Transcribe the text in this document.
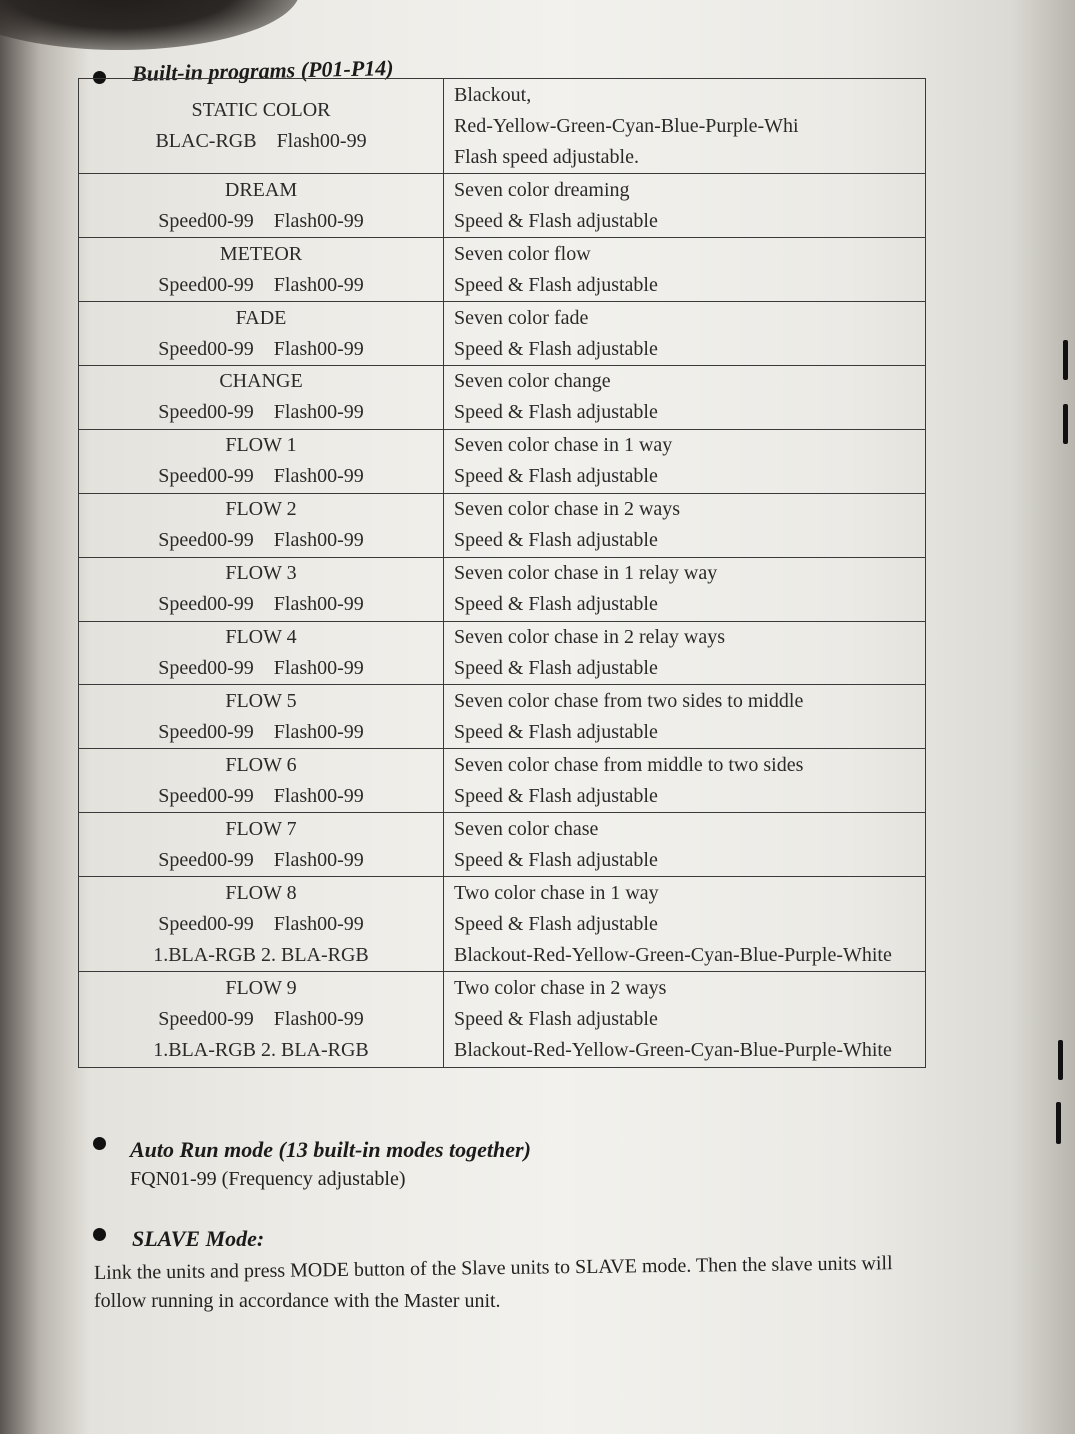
Built-in programs (P01-P14)
STATIC COLOR
BLAC-RGB Flash00-99	Blackout,
Red-Yellow-Green-Cyan-Blue-Purple-Whi
Flash speed adjustable.

DREAM
Speed00-99 Flash00-99	Seven color dreaming
Speed & Flash adjustable

METEOR
Speed00-99 Flash00-99	Seven color flow
Speed & Flash adjustable

FADE
Speed00-99 Flash00-99	Seven color fade
Speed & Flash adjustable

CHANGE
Speed00-99 Flash00-99	Seven color change
Speed & Flash adjustable

FLOW 1
Speed00-99 Flash00-99	Seven color chase in 1 way
Speed & Flash adjustable

FLOW 2
Speed00-99 Flash00-99	Seven color chase in 2 ways
Speed & Flash adjustable

FLOW 3
Speed00-99 Flash00-99	Seven color chase in 1 relay way
Speed & Flash adjustable

FLOW 4
Speed00-99 Flash00-99	Seven color chase in 2 relay ways
Speed & Flash adjustable

FLOW 5
Speed00-99 Flash00-99	Seven color chase from two sides to middle
Speed & Flash adjustable

FLOW 6
Speed00-99 Flash00-99	Seven color chase from middle to two sides
Speed & Flash adjustable

FLOW 7
Speed00-99 Flash00-99	Seven color chase
Speed & Flash adjustable

FLOW 8
Speed00-99 Flash00-99
1.BLA-RGB 2. BLA-RGB	Two color chase in 1 way
Speed & Flash adjustable
Blackout-Red-Yellow-Green-Cyan-Blue-Purple-White

FLOW 9
Speed00-99 Flash00-99
1.BLA-RGB 2. BLA-RGB	Two color chase in 2 ways
Speed & Flash adjustable
Blackout-Red-Yellow-Green-Cyan-Blue-Purple-White
Auto Run mode (13 built-in modes together)
FQN01-99 (Frequency adjustable)
SLAVE Mode:
Link the units and press MODE button of the Slave units to SLAVE mode. Then the slave units will
follow running in accordance with the Master unit.
